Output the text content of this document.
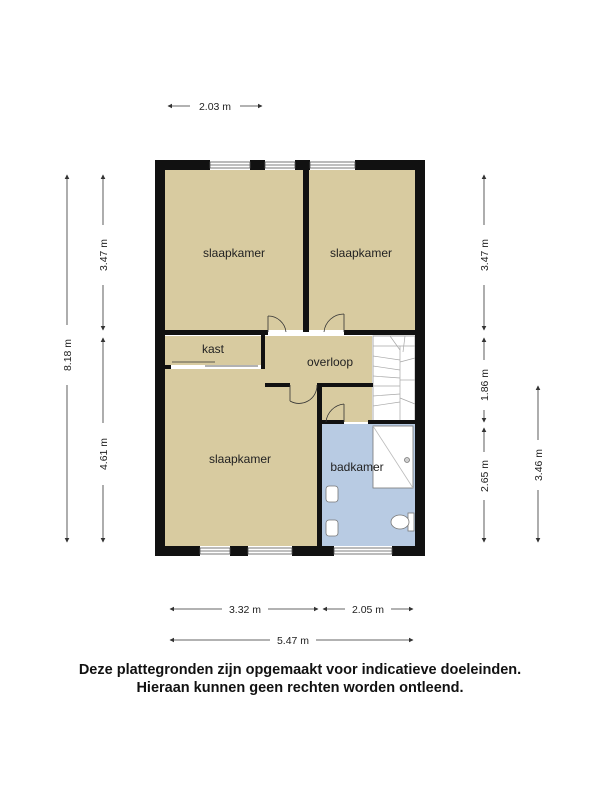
slaapkamer	slaapkamer
kast
overloop
slaapkamer
badkamer
2.03 m
8.18 m
3.47 m
4.61 m
3.47 m
1.86 m
2.65 m	3.46 m
3.32 m	2.05 m
5.47 m
Deze plattegronden zijn opgemaakt voor indicatieve doeleinden.
Hieraan kunnen geen rechten worden ontleend.
